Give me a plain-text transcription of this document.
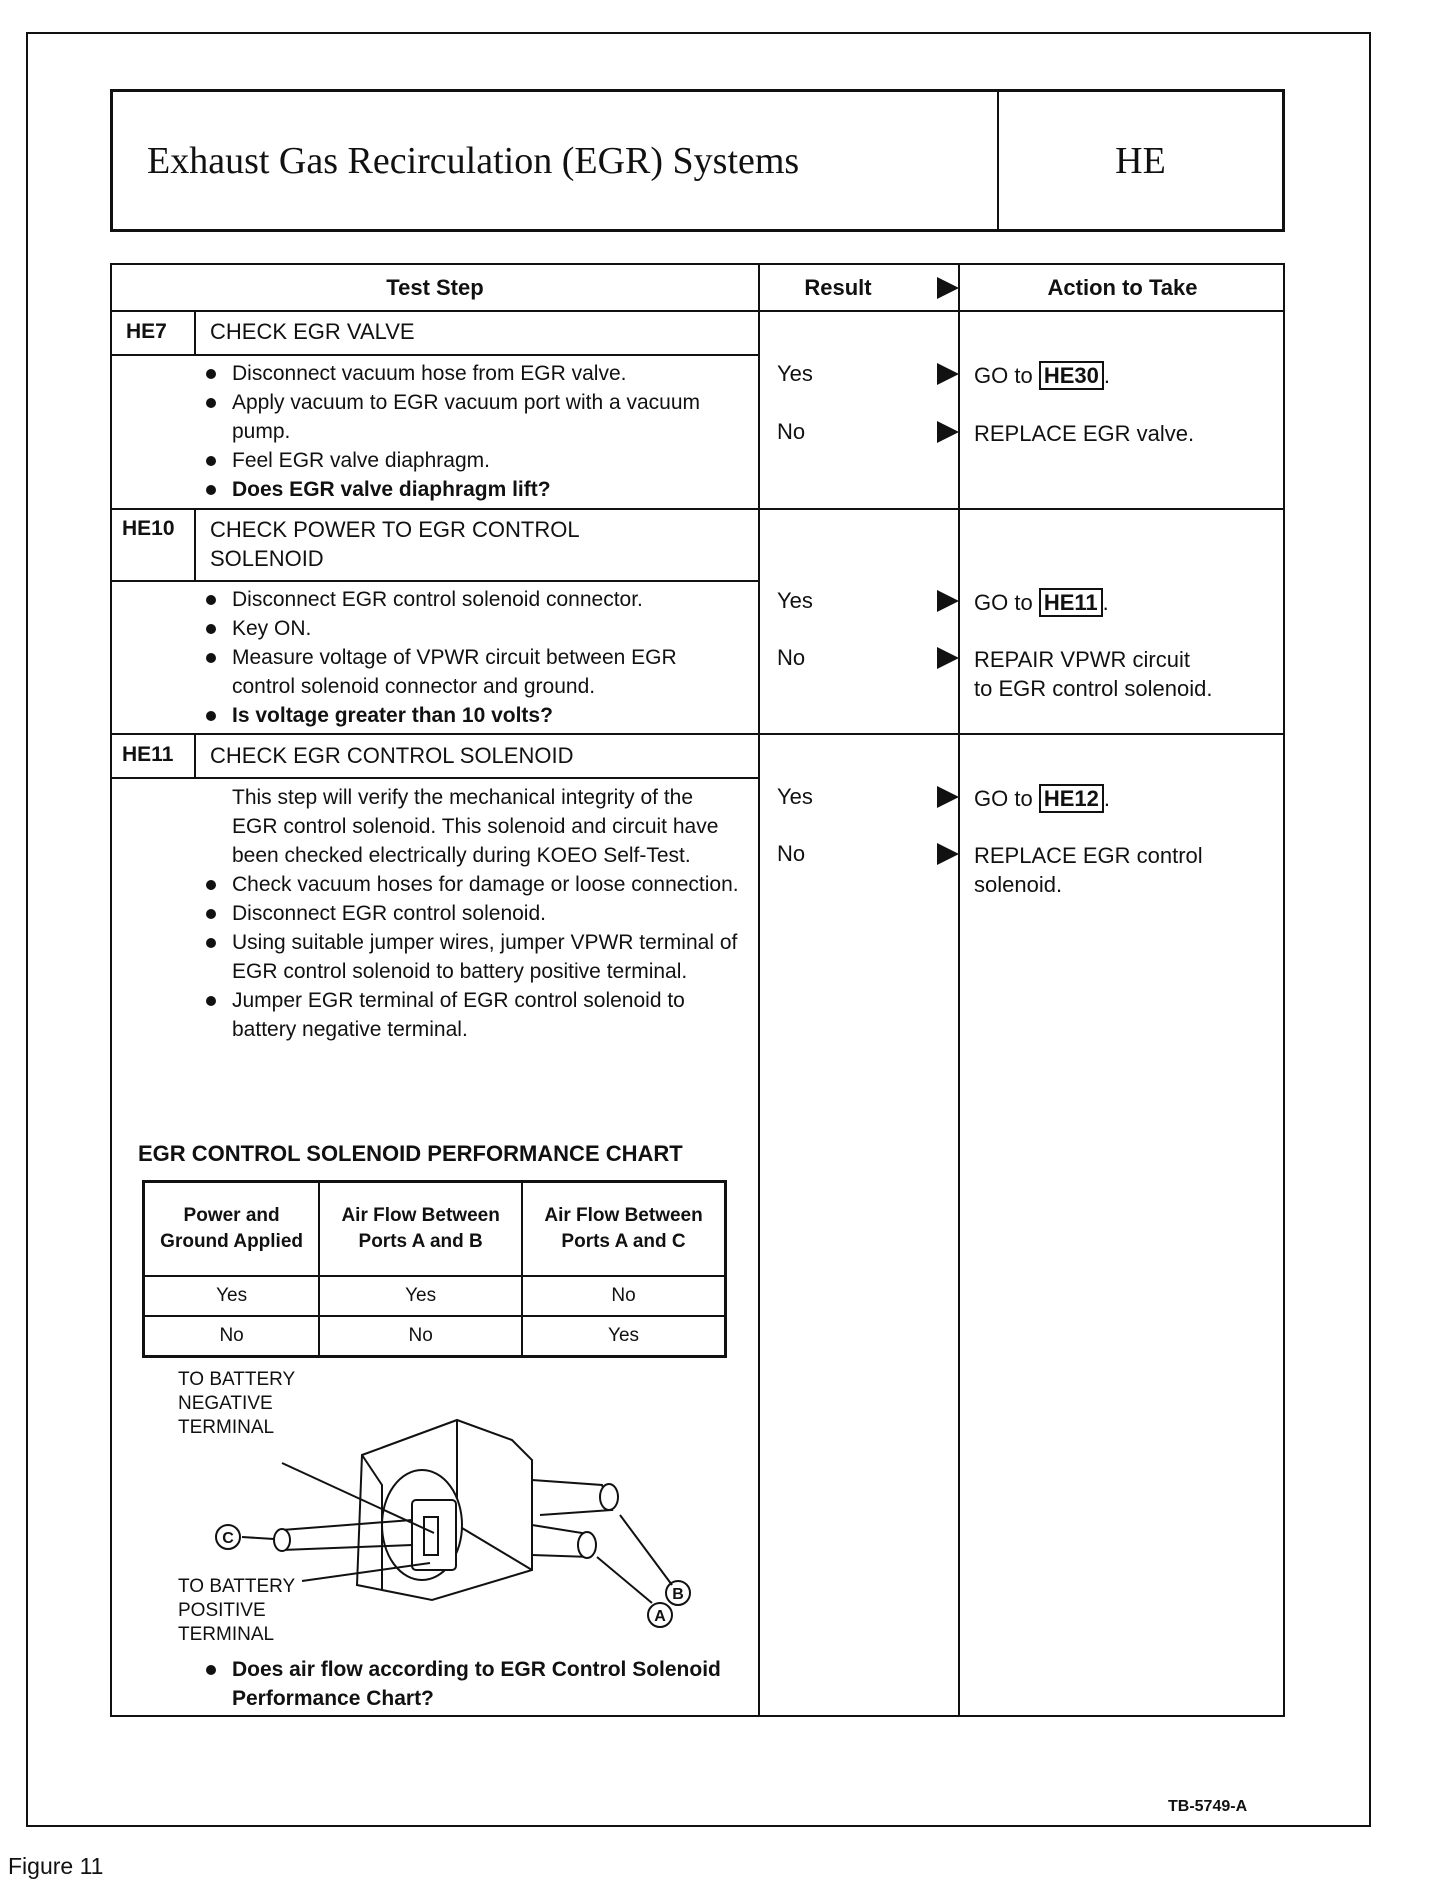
Exhaust Gas Recirculation (EGR) Systems	HE
Test Step	Result	Action to Take
HE7 CHECK EGR VALVE
Disconnect vacuum hose from EGR valve.
Apply vacuum to EGR vacuum port with a vacuum pump.
Feel EGR valve diaphragm.
Does EGR valve diaphragm lift?
Yes	GO to HE30 .
No	REPLACE EGR valve.
HE10 CHECK POWER TO EGR CONTROL
SOLENOID
Disconnect EGR control solenoid connector.
Key ON.
Measure voltage of VPWR circuit between EGR control solenoid connector and ground.
Is voltage greater than 10 volts?
Yes	GO to HE11 .
No	REPAIR VPWR circuit
to EGR control solenoid.
HE11 CHECK EGR CONTROL SOLENOID
This step will verify the mechanical integrity of the EGR control solenoid. This solenoid and circuit have been checked electrically during KOEO Self-Test.
Check vacuum hoses for damage or loose connection.
Disconnect EGR control solenoid.
Using suitable jumper wires, jumper VPWR terminal of EGR control solenoid to battery positive terminal.
Jumper EGR terminal of EGR control solenoid to battery negative terminal.
EGR CONTROL SOLENOID PERFORMANCE CHART
Power and Ground Applied	Air Flow Between Ports A and B	Air Flow Between Ports A and C
Yes	Yes	No
No	No	Yes
TO BATTERY NEGATIVE TERMINAL
TO BATTERY POSITIVE TERMINAL
C
B
A
Does air flow according to EGR Control Solenoid Performance Chart?
Yes	GO to HE12 .
No	REPLACE EGR control
solenoid.
TB-5749-A
Figure 11
